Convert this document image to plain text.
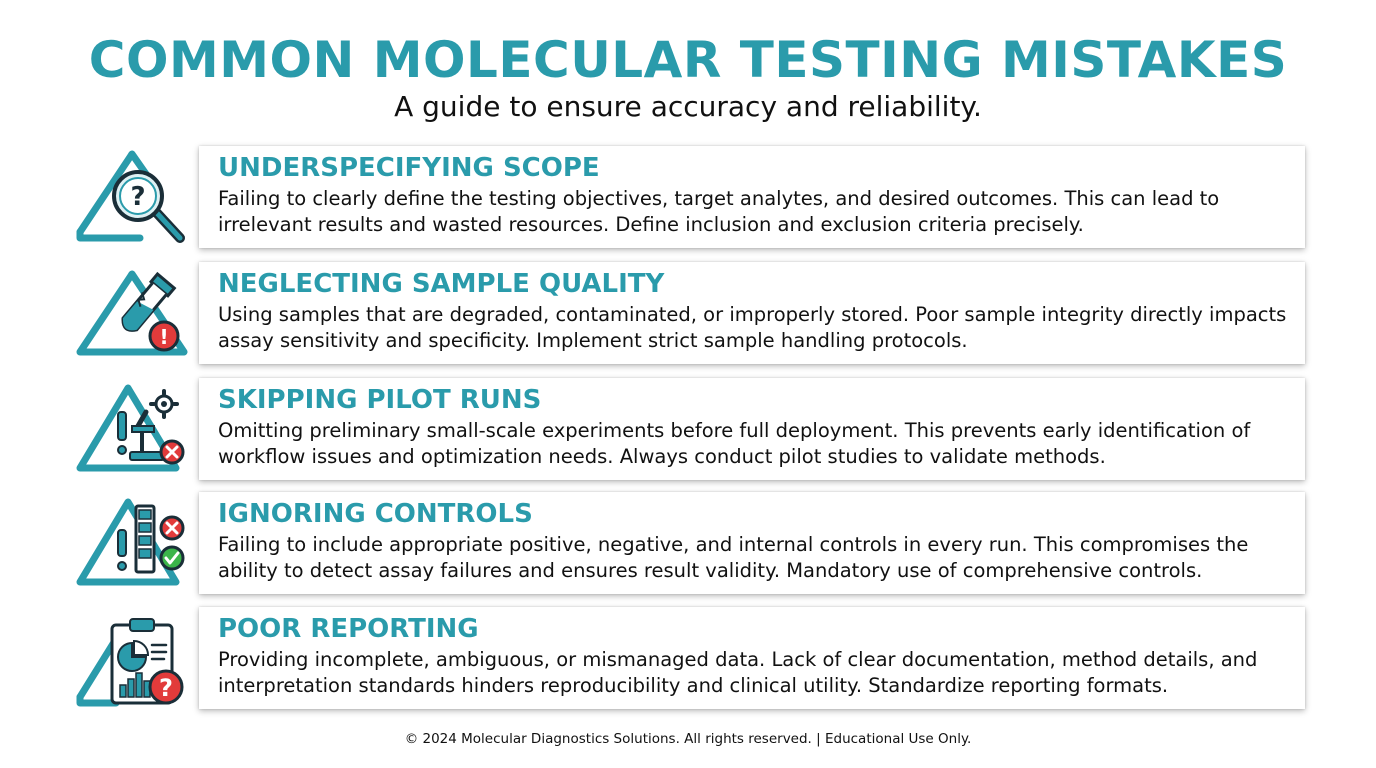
COMMON MOLECULAR TESTING MISTAKES
A guide to ensure accuracy and reliability.
?
UNDERSPECIFYING SCOPE
Failing to clearly define the testing objectives, target analytes, and desired outcomes. This can lead to irrelevant results and wasted resources. Define inclusion and exclusion criteria precisely.
!
NEGLECTING SAMPLE QUALITY
Using samples that are degraded, contaminated, or improperly stored. Poor sample integrity directly impacts assay sensitivity and specificity. Implement strict sample handling protocols.
SKIPPING PILOT RUNS
Omitting preliminary small-scale experiments before full deployment. This prevents early identification of workflow issues and optimization needs. Always conduct pilot studies to validate methods.
IGNORING CONTROLS
Failing to include appropriate positive, negative, and internal controls in every run. This compromises the ability to detect assay failures and ensures result validity. Mandatory use of comprehensive controls.
?
POOR REPORTING
Providing incomplete, ambiguous, or mismanaged data. Lack of clear documentation, method details, and interpretation standards hinders reproducibility and clinical utility. Standardize reporting formats.
© 2024 Molecular Diagnostics Solutions. All rights reserved. | Educational Use Only.
